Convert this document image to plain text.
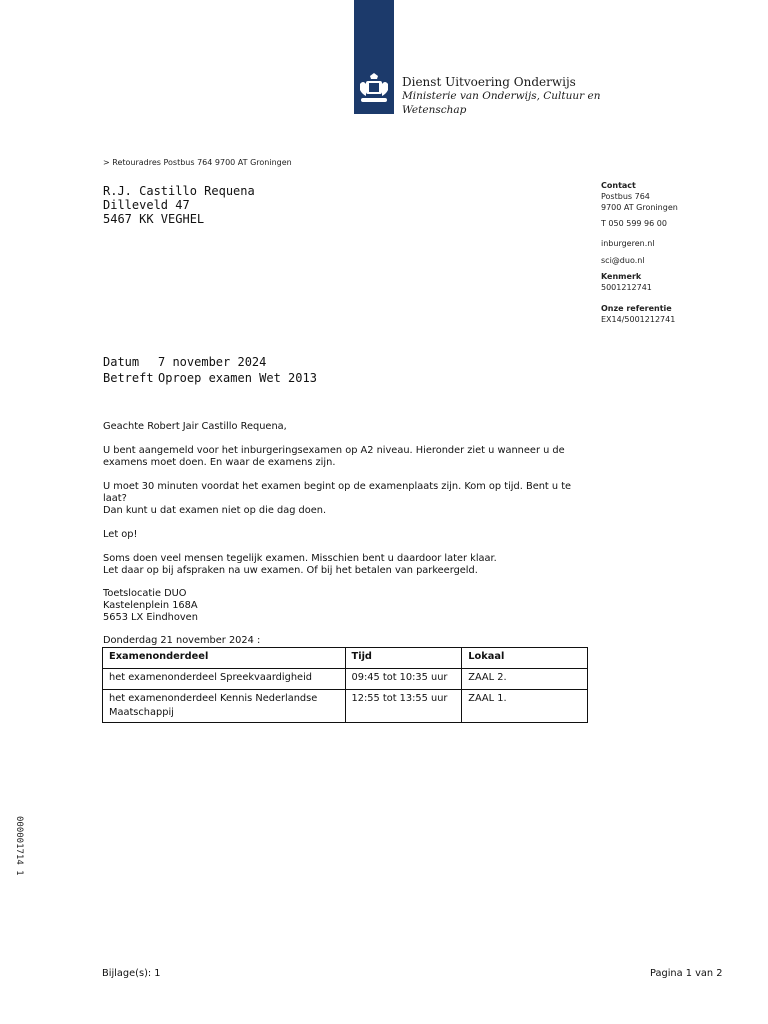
Dienst Uitvoering Onderwijs
Ministerie van Onderwijs, Cultuur en
Wetenschap
> Retouradres Postbus 764 9700 AT Groningen
R.J. Castillo Requena
Dilleveld 47
5467 KK VEGHEL
Contact
Postbus 764
9700 AT Groningen
T 050 599 96 00
inburgeren.nl
sci@duo.nl
Kenmerk
5001212741
Onze referentie
EX14/5001212741
Datum	7 november 2024
Betreft Oproep examen Wet 2013

Geachte Robert Jair Castillo Requena,

U bent aangemeld voor het inburgeringsexamen op A2 niveau. Hieronder ziet u wanneer u de
examens moet doen. En waar de examens zijn.

U moet 30 minuten voordat het examen begint op de examenplaats zijn. Kom op tijd. Bent u te laat?
Dan kunt u dat examen niet op die dag doen.

Let op!

Soms doen veel mensen tegelijk examen. Misschien bent u daardoor later klaar.
Let daar op bij afspraken na uw examen. Of bij het betalen van parkeergeld.

Toetslocatie DUO
Kastelenplein 168A
5653 LX Eindhoven
Donderdag 21 november 2024 :
Examenonderdeel	Tijd	Lokaal
het examenonderdeel Spreekvaardigheid	09:45 tot 10:35 uur	ZAAL 2.
het examenonderdeel Kennis Nederlandse Maatschappij	12:55 tot 13:55 uur	ZAAL 1.
000001714 1
Bijlage(s): 1	Pagina 1 van 2
